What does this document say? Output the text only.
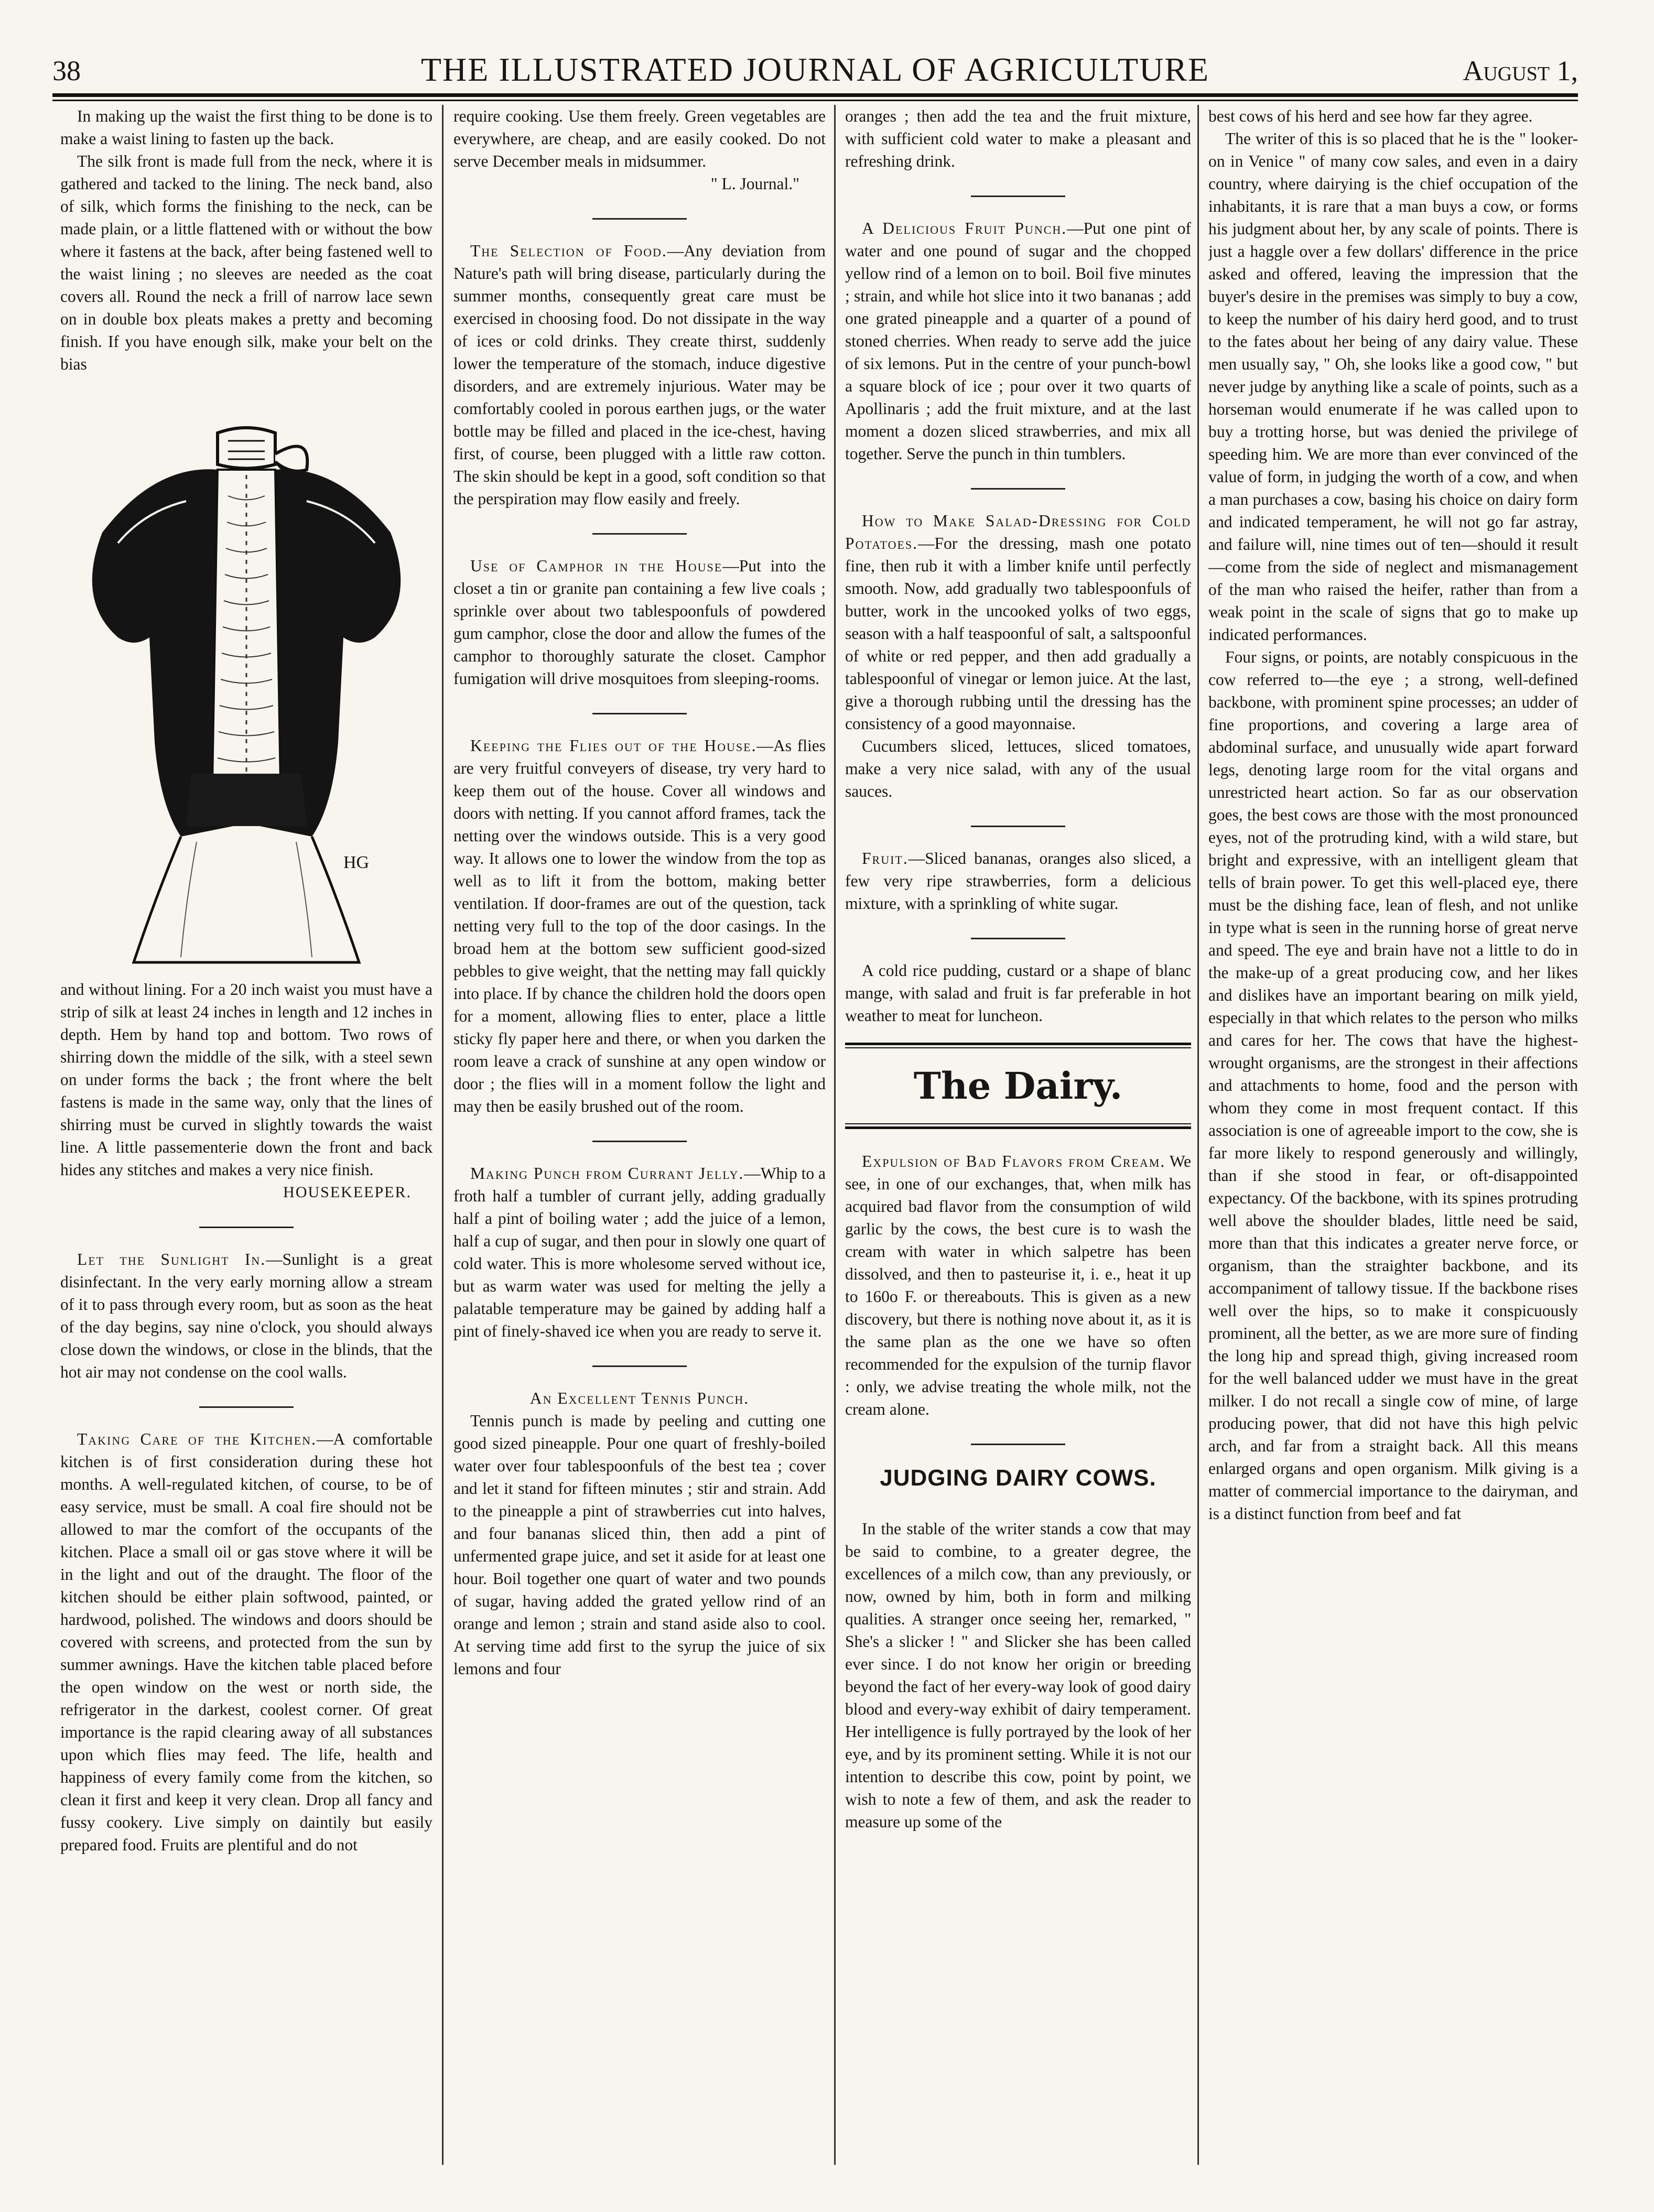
38	THE ILLUSTRATED JOURNAL OF AGRICULTURE	August 1,

In making up the waist the first thing to be done is to make a waist lining to fasten up the back.

The silk front is made full from the neck, where it is gathered and tacked to the lining. The neck band, also of silk, which forms the finishing to the neck, can be made plain, or a little flattened with or without the bow where it fastens at the back, after being fastened well to the waist lining ; no sleeves are needed as the coat covers all. Round the neck a frill of narrow lace sewn on in double box pleats makes a pretty and becoming finish. If you have enough silk, make your belt on the bias

HG

and without lining. For a 20 inch waist you must have a strip of silk at least 24 inches in length and 12 inches in depth. Hem by hand top and bottom. Two rows of shirring down the middle of the silk, with a steel sewn on under forms the back ; the front where the belt fastens is made in the same way, only that the lines of shirring must be curved in slightly towards the waist line. A little passementerie down the front and back hides any stitches and makes a very nice finish.

HOUSEKEEPER.

Let the Sunlight In.—Sunlight is a great disinfectant. In the very early morning allow a stream of it to pass through every room, but as soon as the heat of the day begins, say nine o'clock, you should always close down the windows, or close in the blinds, that the hot air may not condense on the cool walls.

Taking Care of the Kitchen.—A comfortable kitchen is of first consideration during these hot months. A well-regulated kitchen, of course, to be of easy service, must be small. A coal fire should not be allowed to mar the comfort of the occupants of the kitchen. Place a small oil or gas stove where it will be in the light and out of the draught. The floor of the kitchen should be either plain softwood, painted, or hardwood, polished. The windows and doors should be covered with screens, and protected from the sun by summer awnings. Have the kitchen table placed before the open window on the west or north side, the refrigerator in the darkest, coolest corner. Of great importance is the rapid clearing away of all substances upon which flies may feed. The life, health and happiness of every family come from the kitchen, so clean it first and keep it very clean. Drop all fancy and fussy cookery. Live simply on daintily but easily prepared food. Fruits are plentiful and do not

require cooking. Use them freely. Green vegetables are everywhere, are cheap, and are easily cooked. Do not serve December meals in midsummer.

" L. Journal."

The Selection of Food.—Any deviation from Nature's path will bring disease, particularly during the summer months, consequently great care must be exercised in choosing food. Do not dissipate in the way of ices or cold drinks. They create thirst, suddenly lower the temperature of the stomach, induce digestive disorders, and are extremely injurious. Water may be comfortably cooled in porous earthen jugs, or the water bottle may be filled and placed in the ice-chest, having first, of course, been plugged with a little raw cotton. The skin should be kept in a good, soft condition so that the perspiration may flow easily and freely.

Use of Camphor in the House—Put into the closet a tin or granite pan containing a few live coals ; sprinkle over about two tablespoonfuls of powdered gum camphor, close the door and allow the fumes of the camphor to thoroughly saturate the closet. Camphor fumigation will drive mosquitoes from sleeping-rooms.

Keeping the Flies out of the House.—As flies are very fruitful conveyers of disease, try very hard to keep them out of the house. Cover all windows and doors with netting. If you cannot afford frames, tack the netting over the windows outside. This is a very good way. It allows one to lower the window from the top as well as to lift it from the bottom, making better ventilation. If door-frames are out of the question, tack netting very full to the top of the door casings. In the broad hem at the bottom sew sufficient good-sized pebbles to give weight, that the netting may fall quickly into place. If by chance the children hold the doors open for a moment, allowing flies to enter, place a little sticky fly paper here and there, or when you darken the room leave a crack of sunshine at any open window or door ; the flies will in a moment follow the light and may then be easily brushed out of the room.

Making Punch from Currant Jelly.—Whip to a froth half a tumbler of currant jelly, adding gradually half a pint of boiling water ; add the juice of a lemon, half a cup of sugar, and then pour in slowly one quart of cold water. This is more wholesome served without ice, but as warm water was used for melting the jelly a palatable temperature may be gained by adding half a pint of finely-shaved ice when you are ready to serve it.

An Excellent Tennis Punch.

Tennis punch is made by peeling and cutting one good sized pineapple. Pour one quart of freshly-boiled water over four tablespoonfuls of the best tea ; cover and let it stand for fifteen minutes ; stir and strain. Add to the pineapple a pint of strawberries cut into halves, and four bananas sliced thin, then add a pint of unfermented grape juice, and set it aside for at least one hour. Boil together one quart of water and two pounds of sugar, having added the grated yellow rind of an orange and lemon ; strain and stand aside also to cool. At serving time add first to the syrup the juice of six lemons and four

oranges ; then add the tea and the fruit mixture, with sufficient cold water to make a pleasant and refreshing drink.

A Delicious Fruit Punch.—Put one pint of water and one pound of sugar and the chopped yellow rind of a lemon on to boil. Boil five minutes ; strain, and while hot slice into it two bananas ; add one grated pineapple and a quarter of a pound of stoned cherries. When ready to serve add the juice of six lemons. Put in the centre of your punch-bowl a square block of ice ; pour over it two quarts of Apollinaris ; add the fruit mixture, and at the last moment a dozen sliced strawberries, and mix all together. Serve the punch in thin tumblers.

How to Make Salad-Dressing for Cold Potatoes.—For the dressing, mash one potato fine, then rub it with a limber knife until perfectly smooth. Now, add gradually two tablespoonfuls of butter, work in the uncooked yolks of two eggs, season with a half teaspoonful of salt, a saltspoonful of white or red pepper, and then add gradually a tablespoonful of vinegar or lemon juice. At the last, give a thorough rubbing until the dressing has the consistency of a good mayonnaise.

Cucumbers sliced, lettuces, sliced tomatoes, make a very nice salad, with any of the usual sauces.

Fruit.—Sliced bananas, oranges also sliced, a few very ripe strawberries, form a delicious mixture, with a sprinkling of white sugar.

A cold rice pudding, custard or a shape of blanc mange, with salad and fruit is far preferable in hot weather to meat for luncheon.

The Dairy.

Expulsion of Bad Flavors from Cream. We see, in one of our exchanges, that, when milk has acquired bad flavor from the consumption of wild garlic by the cows, the best cure is to wash the cream with water in which salpetre has been dissolved, and then to pasteurise it, i. e., heat it up to 160o F. or thereabouts. This is given as a new discovery, but there is nothing nove about it, as it is the same plan as the one we have so often recommended for the expulsion of the turnip flavor : only, we advise treating the whole milk, not the cream alone.

JUDGING DAIRY COWS.

In the stable of the writer stands a cow that may be said to combine, to a greater degree, the excellences of a milch cow, than any previously, or now, owned by him, both in form and milking qualities. A stranger once seeing her, remarked, " She's a slicker ! " and Slicker she has been called ever since. I do not know her origin or breeding beyond the fact of her every-way look of good dairy blood and every-way exhibit of dairy temperament. Her intelligence is fully portrayed by the look of her eye, and by its prominent setting. While it is not our intention to describe this cow, point by point, we wish to note a few of them, and ask the reader to measure up some of the

best cows of his herd and see how far they agree.

The writer of this is so placed that he is the " looker-on in Venice " of many cow sales, and even in a dairy country, where dairying is the chief occupation of the inhabitants, it is rare that a man buys a cow, or forms his judgment about her, by any scale of points. There is just a haggle over a few dollars' difference in the price asked and offered, leaving the impression that the buyer's desire in the premises was simply to buy a cow, to keep the number of his dairy herd good, and to trust to the fates about her being of any dairy value. These men usually say, " Oh, she looks like a good cow, " but never judge by anything like a scale of points, such as a horseman would enumerate if he was called upon to buy a trotting horse, but was denied the privilege of speeding him. We are more than ever convinced of the value of form, in judging the worth of a cow, and when a man purchases a cow, basing his choice on dairy form and indicated temperament, he will not go far astray, and failure will, nine times out of ten—should it result—come from the side of neglect and mismanagement of the man who raised the heifer, rather than from a weak point in the scale of signs that go to make up indicated performances.

Four signs, or points, are notably conspicuous in the cow referred to—the eye ; a strong, well-defined backbone, with prominent spine processes; an udder of fine proportions, and covering a large area of abdominal surface, and unusually wide apart forward legs, denoting large room for the vital organs and unrestricted heart action. So far as our observation goes, the best cows are those with the most pronounced eyes, not of the protruding kind, with a wild stare, but bright and expressive, with an intelligent gleam that tells of brain power. To get this well-placed eye, there must be the dishing face, lean of flesh, and not unlike in type what is seen in the running horse of great nerve and speed. The eye and brain have not a little to do in the make-up of a great producing cow, and her likes and dislikes have an important bearing on milk yield, especially in that which relates to the person who milks and cares for her. The cows that have the highest-wrought organisms, are the strongest in their affections and attachments to home, food and the person with whom they come in most frequent contact. If this association is one of agreeable import to the cow, she is far more likely to respond generously and willingly, than if she stood in fear, or oft-disappointed expectancy. Of the backbone, with its spines protruding well above the shoulder blades, little need be said, more than that this indicates a greater nerve force, or organism, than the straighter backbone, and its accompaniment of tallowy tissue. If the backbone rises well over the hips, so to make it conspicuously prominent, all the better, as we are more sure of finding the long hip and spread thigh, giving increased room for the well balanced udder we must have in the great milker. I do not recall a single cow of mine, of large producing power, that did not have this high pelvic arch, and far from a straight back. All this means enlarged organs and open organism. Milk giving is a matter of commercial importance to the dairyman, and is a distinct function from beef and fat
